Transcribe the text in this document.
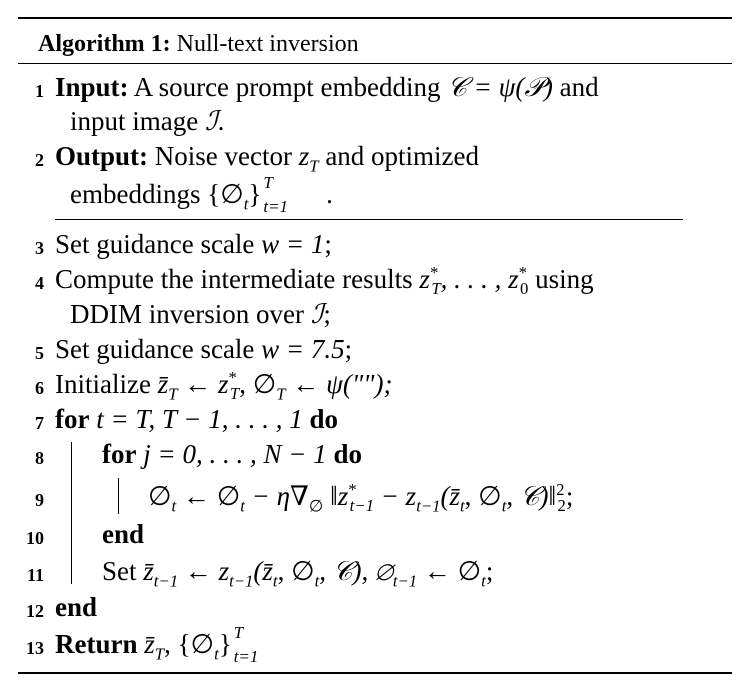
Algorithm 1: Null-text inversion
1 Input: A source prompt embedding 𝒞 = ψ(𝒫) and
input image ℐ.
2 Output: Noise vector $z_T$ and optimized
embeddings $\{\emptyset_t\}$ T
t=1 .
3 Set guidance scale w = 1;
4 Compute the intermediate results $z^*_T$, . . . , $z^*_0$ using
DDIM inversion over ℐ;
5 Set guidance scale w = 7.5;
6 Initialize $z̄_T$ ← $z^*_T$, $\emptyset_T$ ← ψ("");
7 for t = T, T − 1, . . . , 1 do
8 for j = 0, . . . , N − 1 do
9	$\emptyset_t$ ← $\emptyset_t - \eta\nabla_\emptyset$ $‖z^*_{t-1}$ − $z_{t-1}(z̄_t$, $\emptyset_t$, 𝒞)‖$^2_2$;
10 end
11 Set $z̄_{t-1}$ ← $z_{t-1}(z̄_t$, $\emptyset_t$, 𝒞), $\emptyset_{t-1}$ ← $\emptyset_t$;
12 end
13 Return $z̄_T$, $\{\emptyset_t\}$ T
t=1
